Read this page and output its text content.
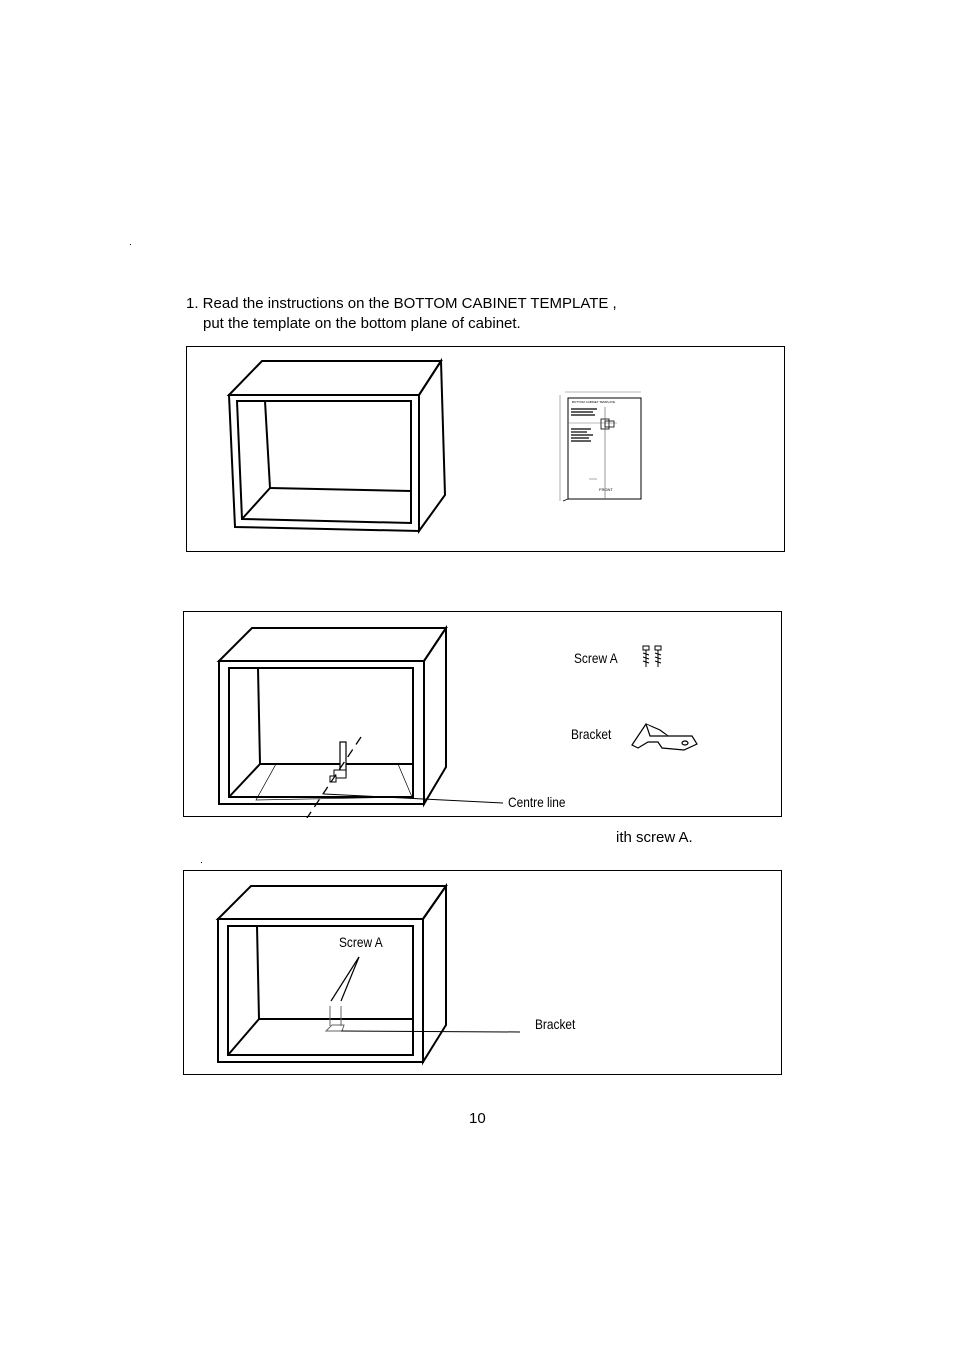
1. Read the instructions on the BOTTOM CABINET TEMPLATE ,
put the template on the bottom plane of cabinet.
BOTTOM CABINET TEMPLATE
FRONT
Screw A
Bracket
Centre line
ith screw A.
Screw A
Bracket
10
